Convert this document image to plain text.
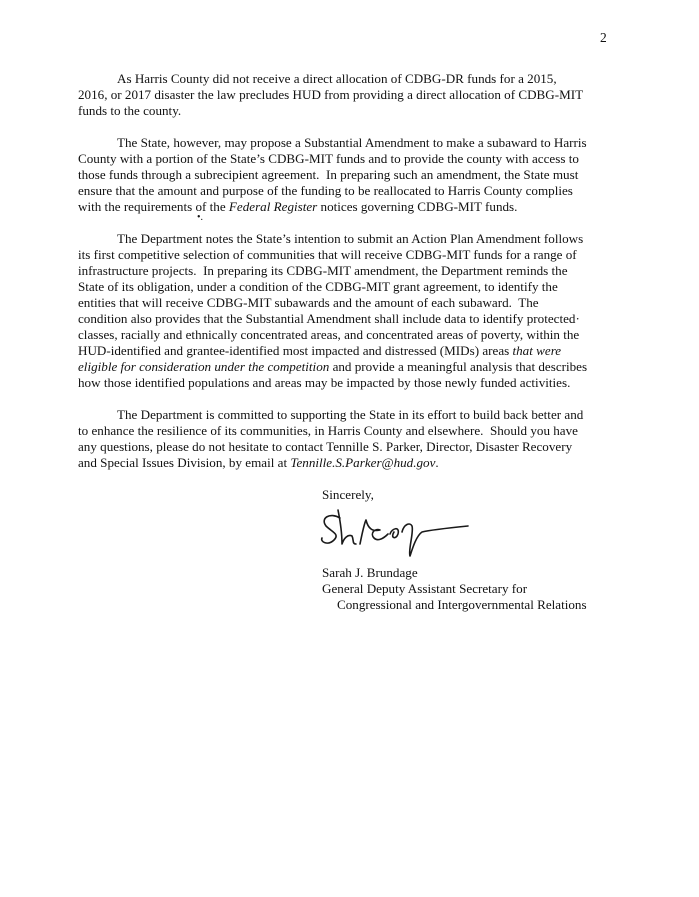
2
As Harris County did not receive a direct allocation of CDBG-DR funds for a 2015,
2016, or 2017 disaster the law precludes HUD from providing a direct allocation of CDBG-MIT
funds to the county.
The State, however, may propose a Substantial Amendment to make a subaward to Harris
County with a portion of the State’s CDBG-MIT funds and to provide the county with access to
those funds through a subrecipient agreement.  In preparing such an amendment, the State must
ensure that the amount and purpose of the funding to be reallocated to Harris County complies
with the requirements of the Federal Register notices governing CDBG-MIT funds.
•.
The Department notes the State’s intention to submit an Action Plan Amendment follows
its first competitive selection of communities that will receive CDBG-MIT funds for a range of
infrastructure projects.  In preparing its CDBG-MIT amendment, the Department reminds the
State of its obligation, under a condition of the CDBG-MIT grant agreement, to identify the
entities that will receive CDBG-MIT subawards and the amount of each subaward.  The
condition also provides that the Substantial Amendment shall include data to identify protected·
classes, racially and ethnically concentrated areas, and concentrated areas of poverty, within the
HUD-identified and grantee-identified most impacted and distressed (MIDs) areas that were
eligible for consideration under the competition and provide a meaningful analysis that describes
how those identified populations and areas may be impacted by those newly funded activities.
The Department is committed to supporting the State in its effort to build back better and
to enhance the resilience of its communities, in Harris County and elsewhere.  Should you have
any questions, please do not hesitate to contact Tennille S. Parker, Director, Disaster Recovery
and Special Issues Division, by email at Tennille.S.Parker@hud.gov.
Sincerely,
Sarah J. Brundage
General Deputy Assistant Secretary for
Congressional and Intergovernmental Relations
